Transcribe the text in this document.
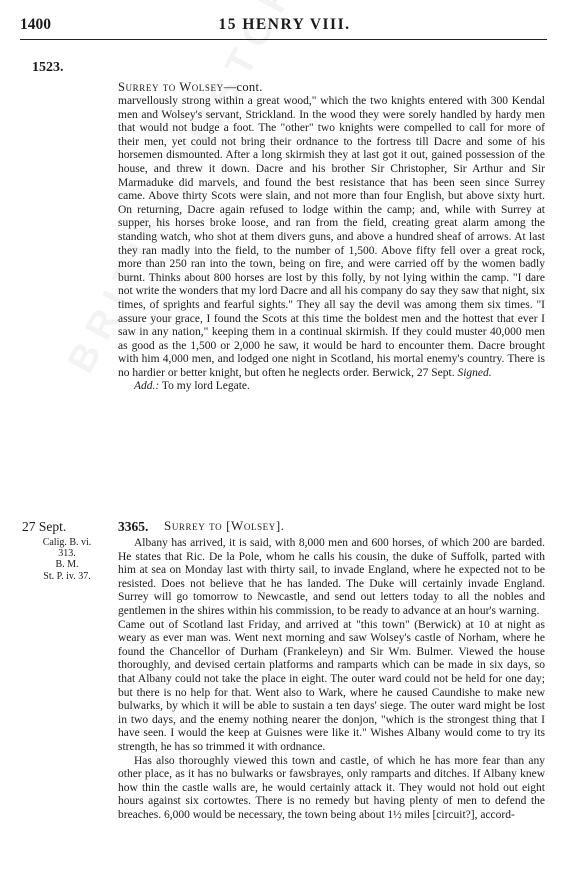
1400	15 HENRY VIII.
1523.
Surrey to Wolsey—cont.

marvellously strong within a great wood," which the two knights entered with 300 Kendal men and Wolsey's servant, Strickland. In the wood they were sorely handled by hardy men that would not budge a foot. The "other" two knights were compelled to call for more of their men, yet could not bring their ordnance to the fortress till Dacre and some of his horsemen dismounted. After a long skirmish they at last got it out, gained possession of the house, and threw it down. Dacre and his brother Sir Christopher, Sir Arthur and Sir Marmaduke did marvels, and found the best resistance that has been seen since Surrey came. Above thirty Scots were slain, and not more than four English, but above sixty hurt. On returning, Dacre again refused to lodge within the camp; and, while with Surrey at supper, his horses broke loose, and ran from the field, creating great alarm among the standing watch, who shot at them divers guns, and above a hundred sheaf of arrows. At last they ran madly into the field, to the number of 1,500. Above fifty fell over a great rock, more than 250 ran into the town, being on fire, and were carried off by the women badly burnt. Thinks about 800 horses are lost by this folly, by not lying within the camp. "I dare not write the wonders that my lord Dacre and all his company do say they saw that night, six times, of sprights and fearful sights." They all say the devil was among them six times. "I assure your grace, I found the Scots at this time the boldest men and the hottest that ever I saw in any nation," keeping them in a continual skirmish. If they could muster 40,000 men as good as the 1,500 or 2,000 he saw, it would be hard to encounter them. Dacre brought with him 4,000 men, and lodged one night in Scotland, his mortal enemy's country. There is no hardier or better knight, but often he neglects order. Berwick, 27 Sept. Signed.

Add.: To my lord Legate.

27 Sept.
Calig. B. vi.
313.
B. M.
St. P. iv. 37.
3365. Surrey to [Wolsey].

Albany has arrived, it is said, with 8,000 men and 600 horses, of which 200 are barded. He states that Ric. De la Pole, whom he calls his cousin, the duke of Suffolk, parted with him at sea on Monday last with thirty sail, to invade England, where he expected not to be resisted. Does not believe that he has landed. The Duke will certainly invade England. Surrey will go tomorrow to Newcastle, and send out letters today to all the nobles and gentlemen in the shires within his commission, to be ready to advance at an hour's warning.

Came out of Scotland last Friday, and arrived at "this town" (Berwick) at 10 at night as weary as ever man was. Went next morning and saw Wolsey's castle of Norham, where he found the Chancellor of Durham (Frankeleyn) and Sir Wm. Bulmer. Viewed the house thoroughly, and devised certain platforms and ramparts which can be made in six days, so that Albany could not take the place in eight. The outer ward could not be held for one day; but there is no help for that. Went also to Wark, where he caused Caundishe to make new bulwarks, by which it will be able to sustain a ten days' siege. The outer ward might be lost in two days, and the enemy nothing nearer the donjon, "which is the strongest thing that I have seen. I would the keep at Guisnes were like it." Wishes Albany would come to try its strength, he has so trimmed it with ordnance.

Has also thoroughly viewed this town and castle, of which he has more fear than any other place, as it has no bulwarks or fawsbrayes, only ramparts and ditches. If Albany knew how thin the castle walls are, he would certainly attack it. They would not hold out eight hours against six cortowtes. There is no remedy but having plenty of men to defend the breaches. 6,000 would be necessary, the town being about 1½ miles [circuit?], accord-
